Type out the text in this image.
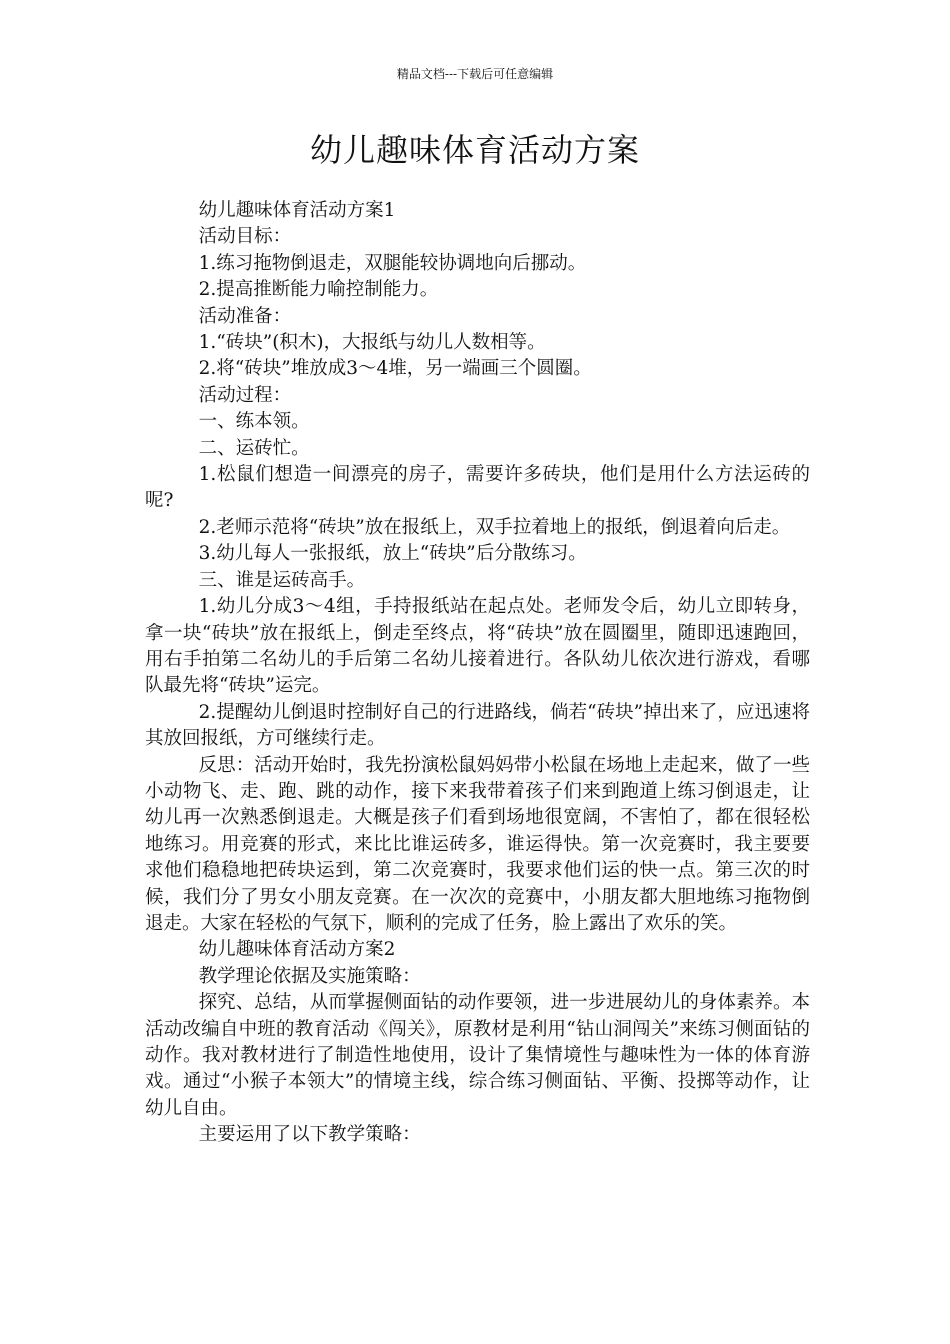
精品文档---下载后可任意编辑
幼儿趣味体育活动方案

幼儿趣味体育活动方案1

活动目标：

1.练习拖物倒退走，双腿能较协调地向后挪动。

2.提高推断能力喻控制能力。

活动准备：

1.“砖块”(积木)，大报纸与幼儿人数相等。

2.将“砖块”堆放成3～4堆，另一端画三个圆圈。

活动过程：

一、练本领。

二、运砖忙。

1.松鼠们想造一间漂亮的房子，需要许多砖块，他们是用什么方法运砖的呢?

2.老师示范将“砖块”放在报纸上，双手拉着地上的报纸，倒退着向后走。

3.幼儿每人一张报纸，放上“砖块”后分散练习。

三、谁是运砖高手。

1.幼儿分成3～4组，手持报纸站在起点处。老师发令后，幼儿立即转身，拿一块“砖块”放在报纸上，倒走至终点，将“砖块”放在圆圈里，随即迅速跑回，用右手拍第二名幼儿的手后第二名幼儿接着进行。各队幼儿依次进行游戏，看哪队最先将“砖块”运完。

2.提醒幼儿倒退时控制好自己的行进路线，倘若“砖块”掉出来了，应迅速将其放回报纸，方可继续行走。

反思：活动开始时，我先扮演松鼠妈妈带小松鼠在场地上走起来，做了一些小动物飞、走、跑、跳的动作，接下来我带着孩子们来到跑道上练习倒退走，让幼儿再一次熟悉倒退走。大概是孩子们看到场地很宽阔，不害怕了，都在很轻松地练习。用竞赛的形式，来比比谁运砖多，谁运得快。第一次竞赛时，我主要要求他们稳稳地把砖块运到，第二次竞赛时，我要求他们运的快一点。第三次的时候，我们分了男女小朋友竞赛。在一次次的竞赛中，小朋友都大胆地练习拖物倒退走。大家在轻松的气氛下，顺利的完成了任务，脸上露出了欢乐的笑。

幼儿趣味体育活动方案2

教学理论依据及实施策略：

探究、总结，从而掌握侧面钻的动作要领，进一步进展幼儿的身体素养。本活动改编自中班的教育活动《闯关》，原教材是利用“钻山洞闯关”来练习侧面钻的动作。我对教材进行了制造性地使用，设计了集情境性与趣味性为一体的体育游戏。通过“小猴子本领大”的情境主线，综合练习侧面钻、平衡、投掷等动作，让幼儿自由。

主要运用了以下教学策略：
